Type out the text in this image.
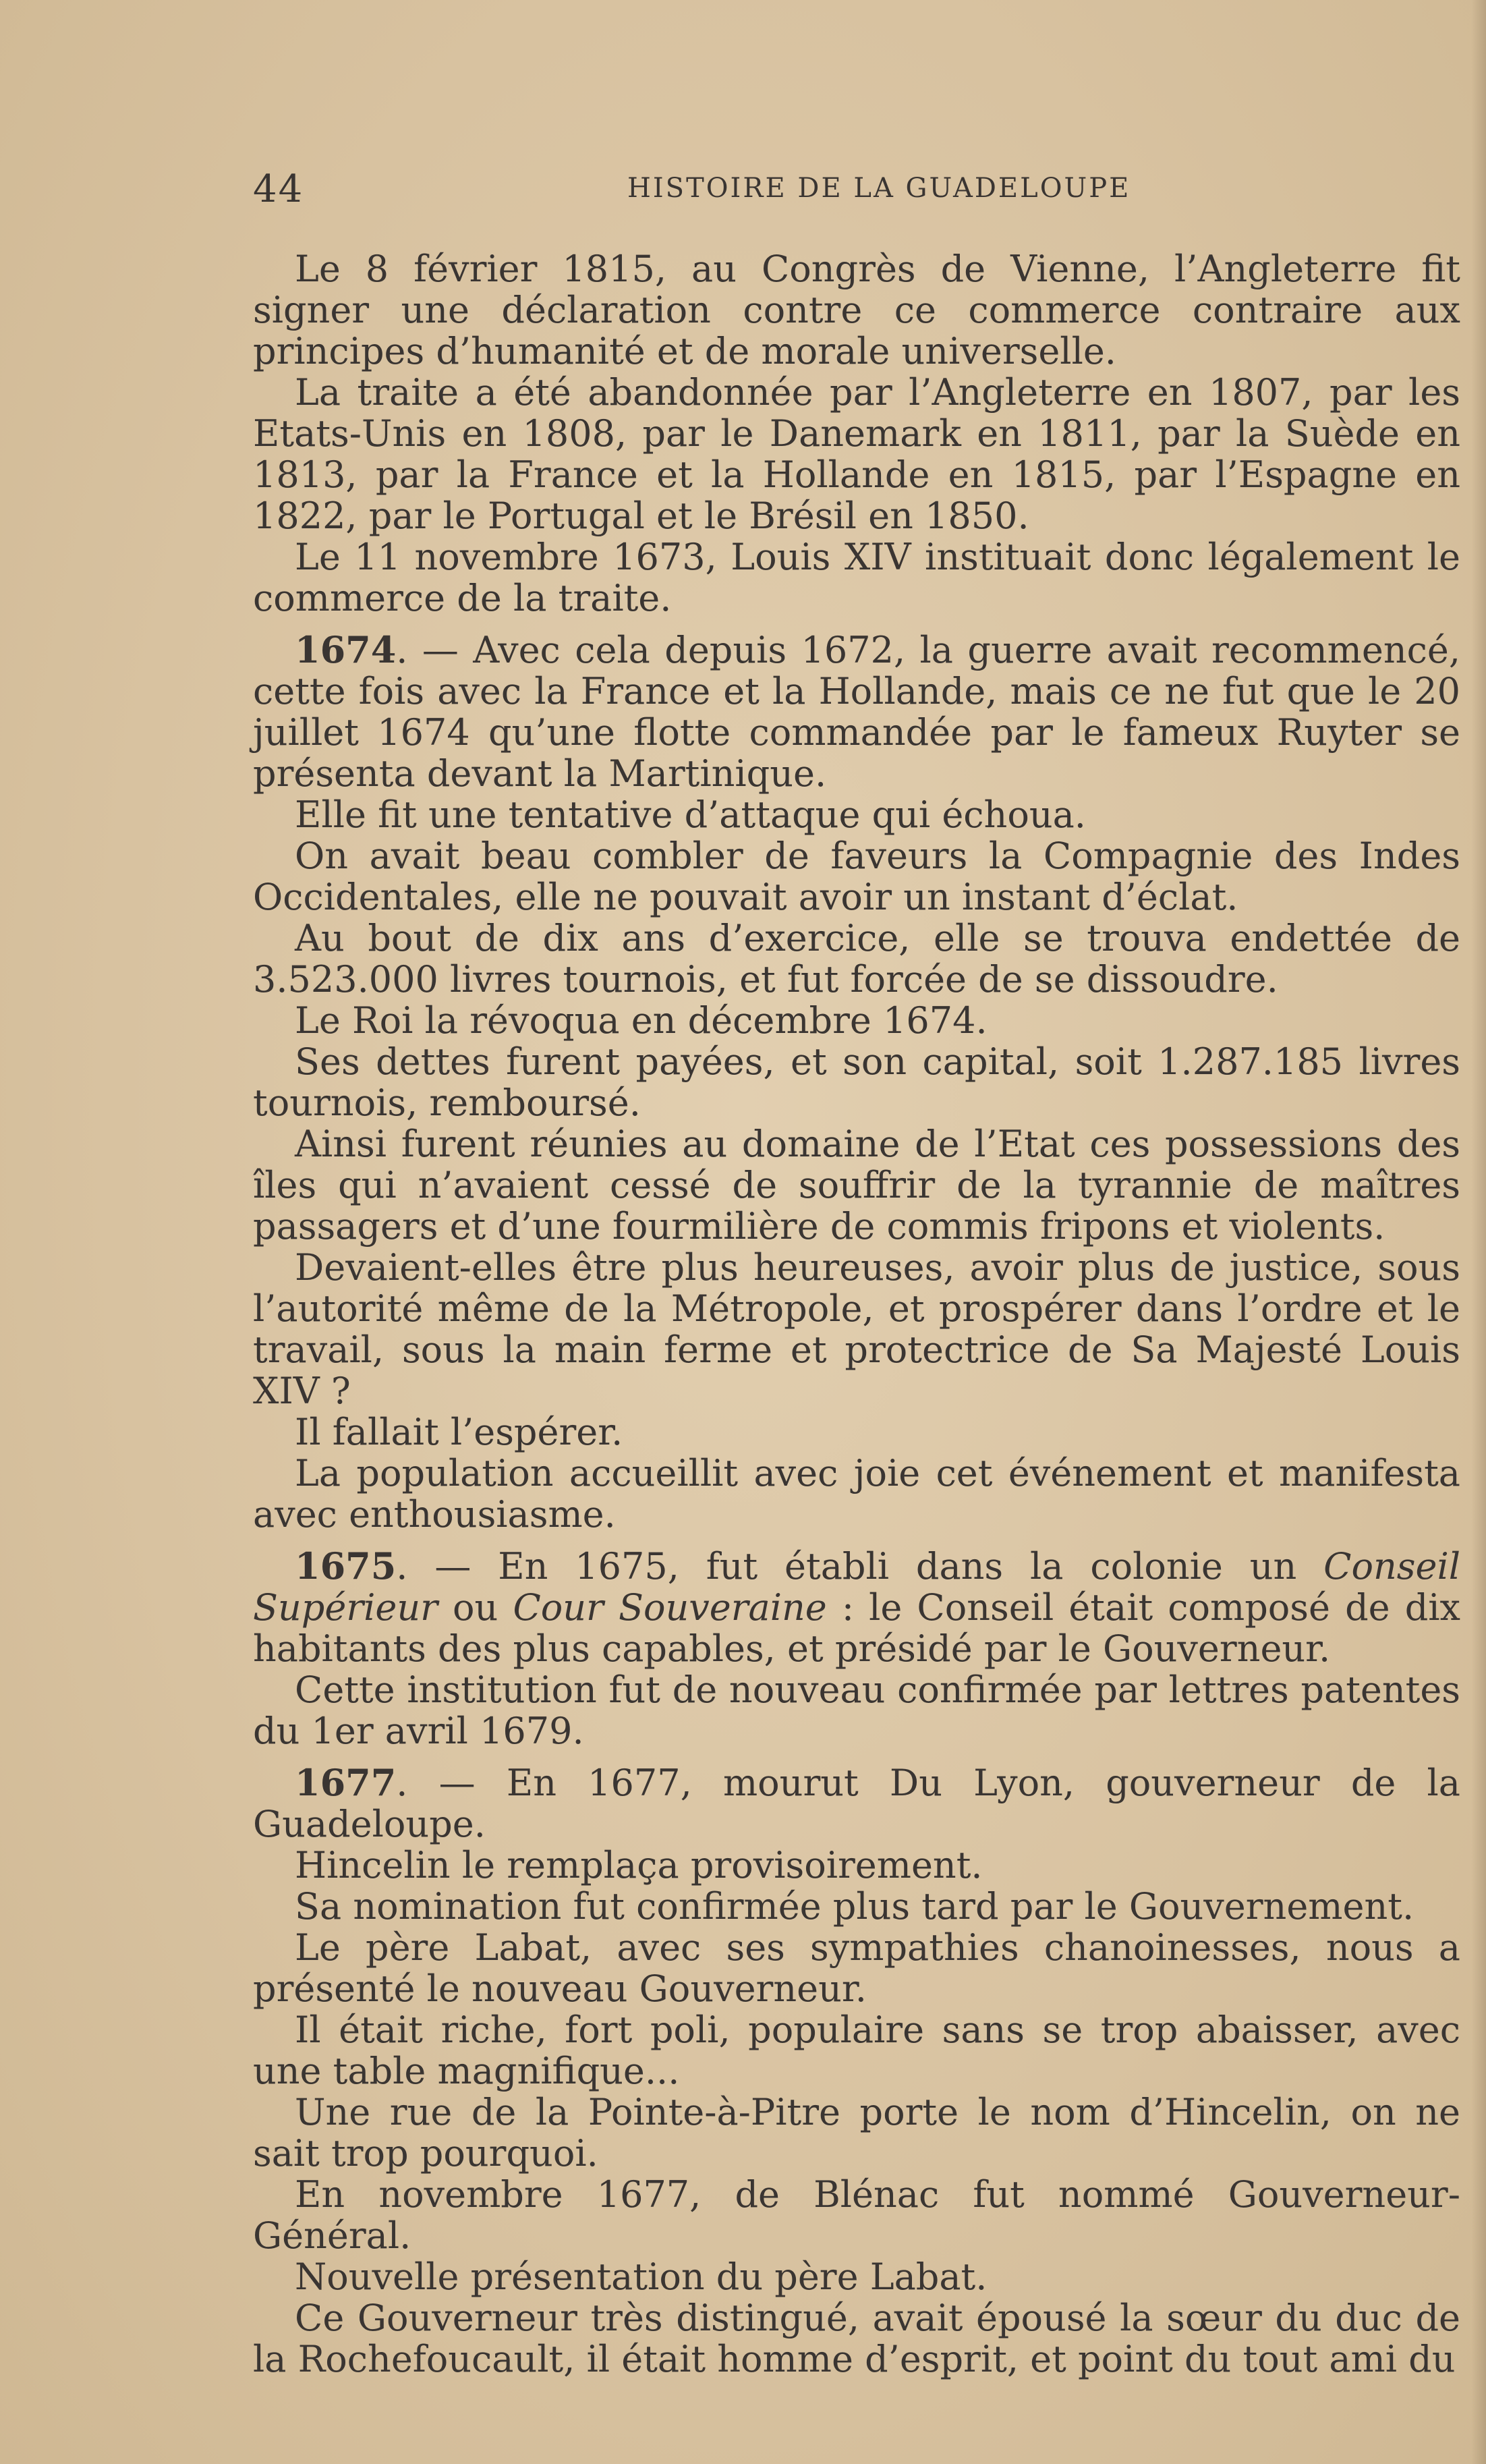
44	HISTOIRE DE LA GUADELOUPE

Le 8 février 1815, au Congrès de Vienne, l’Angleterre fit signer une déclaration contre ce commerce contraire aux principes d’humanité et de morale universelle.

La traite a été abandonnée par l’Angleterre en 1807, par les Etats-Unis en 1808, par le Danemark en 1811, par la Suède en 1813, par la France et la Hollande en 1815, par l’Espagne en 1822, par le Portugal et le Brésil en 1850.

Le 11 novembre 1673, Louis XIV instituait donc légalement le commerce de la traite.

1674. — Avec cela depuis 1672, la guerre avait recommencé, cette fois avec la France et la Hollande, mais ce ne fut que le 20 juillet 1674 qu’une flotte commandée par le fameux Ruyter se présenta devant la Martinique.

Elle fit une tentative d’attaque qui échoua.

On avait beau combler de faveurs la Compagnie des Indes Occidentales, elle ne pouvait avoir un instant d’éclat.

Au bout de dix ans d’exercice, elle se trouva endettée de 3.523.000 livres tournois, et fut forcée de se dissoudre.

Le Roi la révoqua en décembre 1674.

Ses dettes furent payées, et son capital, soit 1.287.185 livres tournois, remboursé.

Ainsi furent réunies au domaine de l’Etat ces possessions des îles qui n’avaient cessé de souffrir de la tyrannie de maîtres passagers et d’une fourmilière de commis fripons et violents.

Devaient-elles être plus heureuses, avoir plus de justice, sous l’autorité même de la Métropole, et prospérer dans l’ordre et le travail, sous la main ferme et protectrice de Sa Majesté Louis XIV ?

Il fallait l’espérer.

La population accueillit avec joie cet événement et manifesta avec enthousiasme.

1675. — En 1675, fut établi dans la colonie un Conseil Supérieur ou Cour Souveraine : le Conseil était composé de dix habitants des plus capables, et présidé par le Gouverneur.

Cette institution fut de nouveau confirmée par lettres patentes du 1er avril 1679.

1677. — En 1677, mourut Du Lyon, gouverneur de la Guadeloupe.

Hincelin le remplaça provisoirement.

Sa nomination fut confirmée plus tard par le Gouvernement.

Le père Labat, avec ses sympathies chanoinesses, nous a présenté le nouveau Gouverneur.

Il était riche, fort poli, populaire sans se trop abaisser, avec une table magnifique...

Une rue de la Pointe-à-Pitre porte le nom d’Hincelin, on ne sait trop pourquoi.

En novembre 1677, de Blénac fut nommé Gouverneur-Général.

Nouvelle présentation du père Labat.

Ce Gouverneur très distingué, avait épousé la sœur du duc de la Rochefoucault, il était homme d’esprit, et point du tout ami du
